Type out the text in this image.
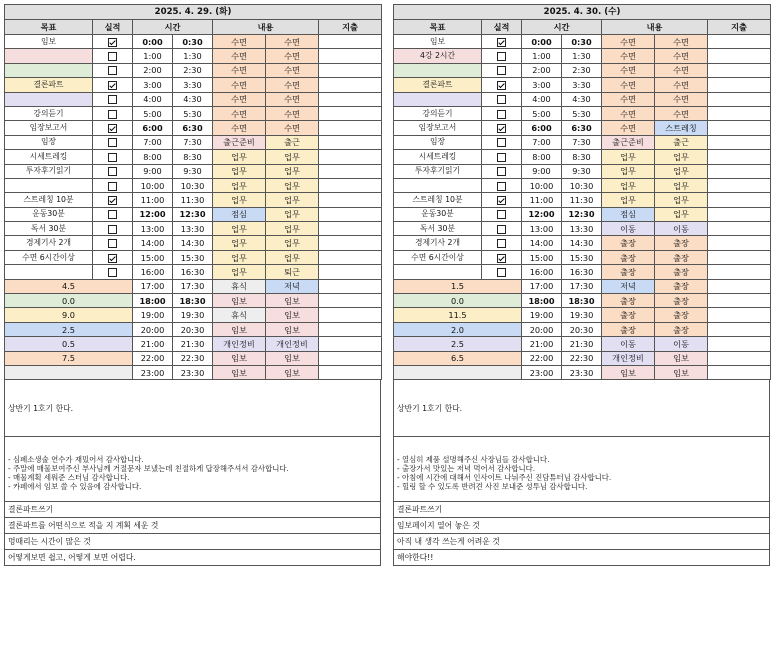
2025. 4. 29. (화)						
목표	실적	시간		내용		지출
임보		0:00	0:30	수면	수면	
		1:00	1:30	수면	수면	
		2:00	2:30	수면	수면	
결론파트		3:00	3:30	수면	수면	
		4:00	4:30	수면	수면	
강의듣기		5:00	5:30	수면	수면	
임장보고서		6:00	6:30	수면	수면	
임장		7:00	7:30	출근준비	출근	
시세트레킹		8:00	8:30	업무	업무	
투자후기읽기		9:00	9:30	업무	업무	
		10:00	10:30	업무	업무	
스트레칭 10분		11:00	11:30	업무	업무	
운동30분		12:00	12:30	점심	업무	
독서 30분		13:00	13:30	업무	업무	
경제기사 2개		14:00	14:30	업무	업무	
수면 6시간이상		15:00	15:30	업무	업무	
		16:00	16:30	업무	퇴근	
4.5		17:00	17:30	휴식	저녁	
0.0		18:00	18:30	임보	임보	
9.0		19:00	19:30	휴식	임보	
2.5		20:00	20:30	임보	임보	
0.5		21:00	21:30	개인정비	개인정비	
7.5		22:00	22:30	임보	임보	
		23:00	23:30	임보	임보	
상반기 1호기 한다.
- 심폐소생술 연수가 재밌어서 감사합니다.
- 주말에 매물보여주신 부사님께 거절문자 보냈는데 친절하게 답장해주셔서 감사합니다.
- 매물계획 세워준 스터님 감사합니다.
- 카페에서 임보 쓸 수 있음에 감사합니다.
결론파트쓰기
결론파트를 어떤식으로 적을 지 계획 세운 것
멍때리는 시간이 많은 것
어떻게보면 쉽고, 어떻게 보면 어렵다.
2025. 4. 30. (수)						
목표	실적	시간		내용		지출
임보		0:00	0:30	수면	수면	
4강 2시간		1:00	1:30	수면	수면	
		2:00	2:30	수면	수면	
결론파트		3:00	3:30	수면	수면	
		4:00	4:30	수면	수면	
강의듣기		5:00	5:30	수면	수면	
임장보고서		6:00	6:30	수면	스트레칭	
임장		7:00	7:30	출근준비	출근	
시세트레킹		8:00	8:30	업무	업무	
투자후기읽기		9:00	9:30	업무	업무	
		10:00	10:30	업무	업무	
스트레칭 10분		11:00	11:30	업무	업무	
운동30분		12:00	12:30	점심	업무	
독서 30분		13:00	13:30	이동	이동	
경제기사 2개		14:00	14:30	출장	출장	
수면 6시간이상		15:00	15:30	출장	출장	
		16:00	16:30	출장	출장	
1.5		17:00	17:30	저녁	출장	
0.0		18:00	18:30	출장	출장	
11.5		19:00	19:30	출장	출장	
2.0		20:00	20:30	출장	출장	
2.5		21:00	21:30	이동	이동	
6.5		22:00	22:30	개인정비	임보	
		23:00	23:30	임보	임보	
상반기 1호기 한다.
- 열심히 제품 설명해주신 사장님들 감사합니다.
- 출장가서 맛있는 저녁 먹어서 감사합니다.
- 아침에 시간에 대해서 인사이트 나눠주신 진담튜터님 감사합니다.
- 힐링 할 수 있도록 반려견 사진 보내준 성투님 감사합니다.
결론파트쓰기
임보페이지 열어 놓은 것
아직 내 생각 쓰는게 어려운 것
해야한다!!
